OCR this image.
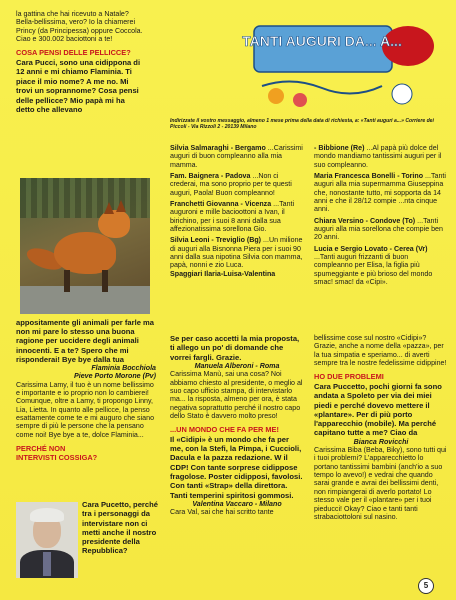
la gattina che hai ricevuto a Natale? Bella-bellissima, vero? Io la chiamerei Princy (da Principessa) oppure Coccola. Ciao e 300.002 baciottoni a te!

COSA PENSI DELLE PELLICCE?

Cara Pucci, sono una cidippona di 12 anni e mi chiamo Flaminia. Ti piace il mio nome? A me no. Mi trovi un soprannome? Cosa pensi delle pellicce? Mio papà mi ha detto che allevano

appositamente gli animali per farle ma non mi pare lo stesso una buona ragione per uccidere degli animali innocenti. E a te? Spero che mi risponderai! Bye bye dalla tua

Flaminia Bocchiola
Pieve Porto Morone (Pv)

Carissima Lamy, il tuo è un nome bellissimo e importante e io proprio non lo cambierei! Comunque, oltre a Lamy, ti propongo Linny, Lia, Lietta. In quanto alle pellicce, la penso esattamente come te e mi auguro che siano sempre di più le persone che la pensano come noi! Bye bye a te, dolce Flaminia...

PERCHÉ NON INTERVISTI COSSIGA?

Cara Pucetto, perché tra i personaggi da intervistare non ci metti anche il nostro presidente della Repubblica?
TANTI AUGURI DA... A...
Indirizzate il vostro messaggio, almeno 1 mese prima della data di richiesta, a: «Tanti auguri a...» Corriere dei Piccoli - Via Rizzoli 2 - 20139 Milano
Silvia Salmaraghi - Bergamo ...Carissimi auguri di buon compleanno alla mia mamma.
Fam. Baignera - Padova ...Non ci crederai, ma sono proprio per te questi auguri, Paola! Buon compleanno!
Franchetti Giovanna - Vicenza ...Tanti auguroni e mille bacioottoni a Ivan, il birichino, per i suoi 8 anni dalla sua affezionatissima sorellona Gio.
Silvia Leoni - Treviglio (Bg) ...Un milione di auguri alla Bisnonna Piera per i suoi 90 anni dalla sua nipotina Silvia con mamma, papà, nonni e zio Luca.
Spaggiari Ilaria-Luisa-Valentina
- Bibbione (Re) ...Al papà più dolce del mondo mandiamo tantissimi auguri per il suo compleanno.
Maria Francesca Bonelli - Torino ...Tanti auguri alla mia supermamma Giuseppina che, nonostante tutto, mi sopporta da 14 anni e che il 28/12 compie ...nta cinque anni.
Chiara Versino - Condove (To) ...Tanti auguri alla mia sorellona che compie ben 20 anni.
Lucia e Sergio Lovato - Cerea (Vr) ...Tanti auguri frizzanti di buon compleanno per Elisa, la figlia più spumeggiante e più brioso del mondo smac! smac! da «Cipi».

Se per caso accetti la mia proposta, ti allego un po' di domande che vorrei fargli. Grazie.

Manuela Alberoni - Roma

Carissima Manù, sai una cosa? Noi abbiamo chiesto al presidente, o meglio al suo capo ufficio stampa, di intervistarlo ma... la risposta, almeno per ora, è stata negativa soprattutto perché il nostro capo dello Stato è davvero molto preso!

...UN MONDO CHE FA PER ME!

Il «Cidipi» è un mondo che fa per me, con la Stefi, la Pimpa, i Cuccioli, Dacula e la pazza redazione. W il CDP! Con tante sorprese cidippose fragolose. Poster cidipposi, favolosi. Con tanti «Strap» della direttora. Tanti temperini spiritosi gommosi.

Valentina Vaccaro - Milano

Cara Val, sai che hai scritto tante

bellissime cose sul nostro «Cidipi»? Grazie, anche a nome della «pazza», per la tua simpatia e speriamo... di averti sempre tra le nostre fedelissime cidippine!

HO DUE PROBLEMI

Cara Puccetto, pochi giorni fa sono andata a Spoleto per via dei miei piedi e perché dovevo mettere il «plantare». Per di più porto l'apparecchio (mobile). Ma perché capitano tutte a me? Ciao da

Bianca Rovicchi

Carissima Biba (Beba, Biky), sono tutti qui i tuoi problemi? L'apparecchietto lo portano tantissimi bambini (anch'io a suo tempo lo avevo!) e vedrai che quando sarai grande e avrai dei bellissimi denti, non rimpiangerai di averlo portato! Lo stesso vale per il «plantare» per i tuoi pieducci! Okay? Ciao e tanti tanti strabaciottoloni sul nasino.

5
